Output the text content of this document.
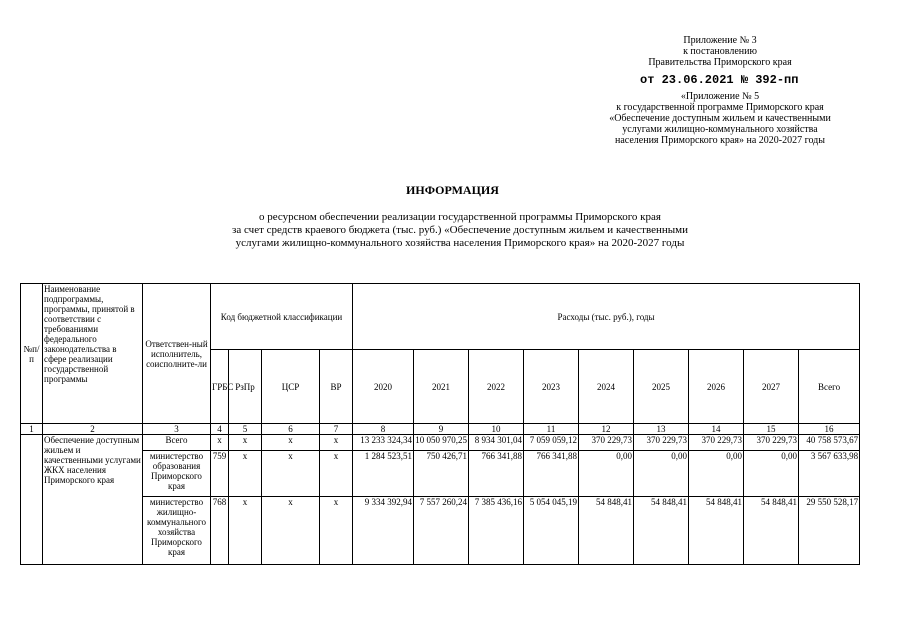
Приложение № 3
к постановлению
Правительства Приморского края
от 23.06.2021 № 392-пп
«Приложение № 5
к государственной программе Приморского края
«Обеспечение доступным жильем и качественными
услугами жилищно-коммунального хозяйства
населения Приморского края» на 2020-2027 годы
ИНФОРМАЦИЯ
о ресурсном обеспечении реализации государственной программы Приморского края
за счет средств краевого бюджета (тыс. руб.) «Обеспечение доступным жильем и качественными
услугами жилищно-коммунального хозяйства населения Приморского края» на 2020-2027 годы
№п/п	Наименование подпрограммы, программы, принятой в соответствии с требованиями федерального законодательства в сфере реализации государственной программы	Ответствен-ный исполнитель, соисполните-ли	Код бюджетной классификации				Расходы (тыс. руб.), годы								
			ГРБС	РзПр	ЦСР	ВР	2020	2021	2022	2023	2024	2025	2026	2027	Всего
1	2	3	4	5	6	7	8	9	10	11	12	13	14	15	16
	Обеспечение доступным жильем и качественными услугами ЖКХ населения Приморского края	Всего	x	x	x	x	13 233 324,34	10 050 970,25	8 934 301,04	7 059 059,12	370 229,73	370 229,73	370 229,73	370 229,73	40 758 573,67
		министерство образования Приморского края	759	x	x	x	1 284 523,51	750 426,71	766 341,88	766 341,88	0,00	0,00	0,00	0,00	3 567 633,98
		министерство жилищно-коммунального хозяйства Приморского края	768	x	x	x	9 334 392,94	7 557 260,24	7 385 436,16	5 054 045,19	54 848,41	54 848,41	54 848,41	54 848,41	29 550 528,17
